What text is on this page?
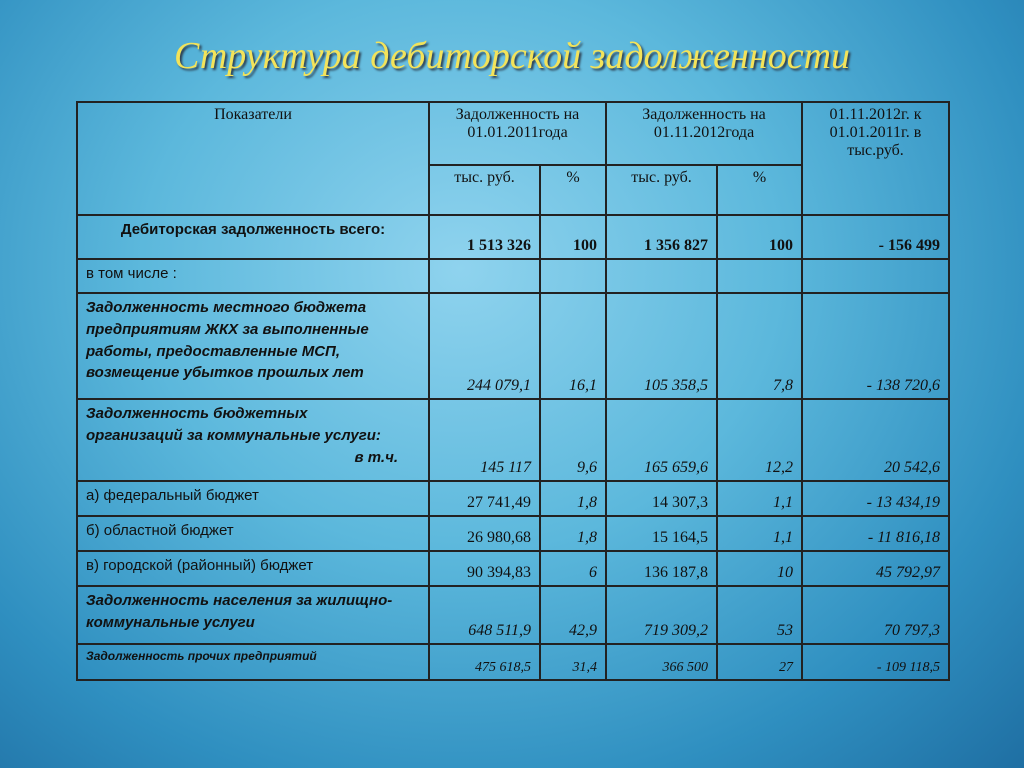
Структура дебиторской задолженности
Показатели	Задолженность на 01.01.2011года		Задолженность на 01.11.2012года		01.11.2012г. к 01.01.2011г. в тыс.руб.
	тыс. руб.	%	тыс. руб.	%	
Дебиторская задолженность всего:	1 513 326	100	1 356 827	100	- 156 499
в том числе :					
Задолженность местного бюджета предприятиям ЖКХ за выполненные работы, предоставленные МСП, возмещение убытков прошлых лет	244 079,1	16,1	105 358,5	7,8	- 138 720,6

в т.ч.
Задолженность бюджетных организаций за коммунальные услуги:	145 117	9,6	165 659,6	12,2	20 542,6
а) федеральный бюджет	27 741,49	1,8	14 307,3	1,1	- 13 434,19
б) областной бюджет	26 980,68	1,8	15 164,5	1,1	- 11 816,18
в) городской (районный) бюджет	90 394,83	6	136 187,8	10	45 792,97
Задолженность населения за жилищно-коммунальные услуги	648 511,9	42,9	719 309,2	53	70 797,3
Задолженность прочих предприятий	475 618,5	31,4	366 500	27	- 109 118,5
